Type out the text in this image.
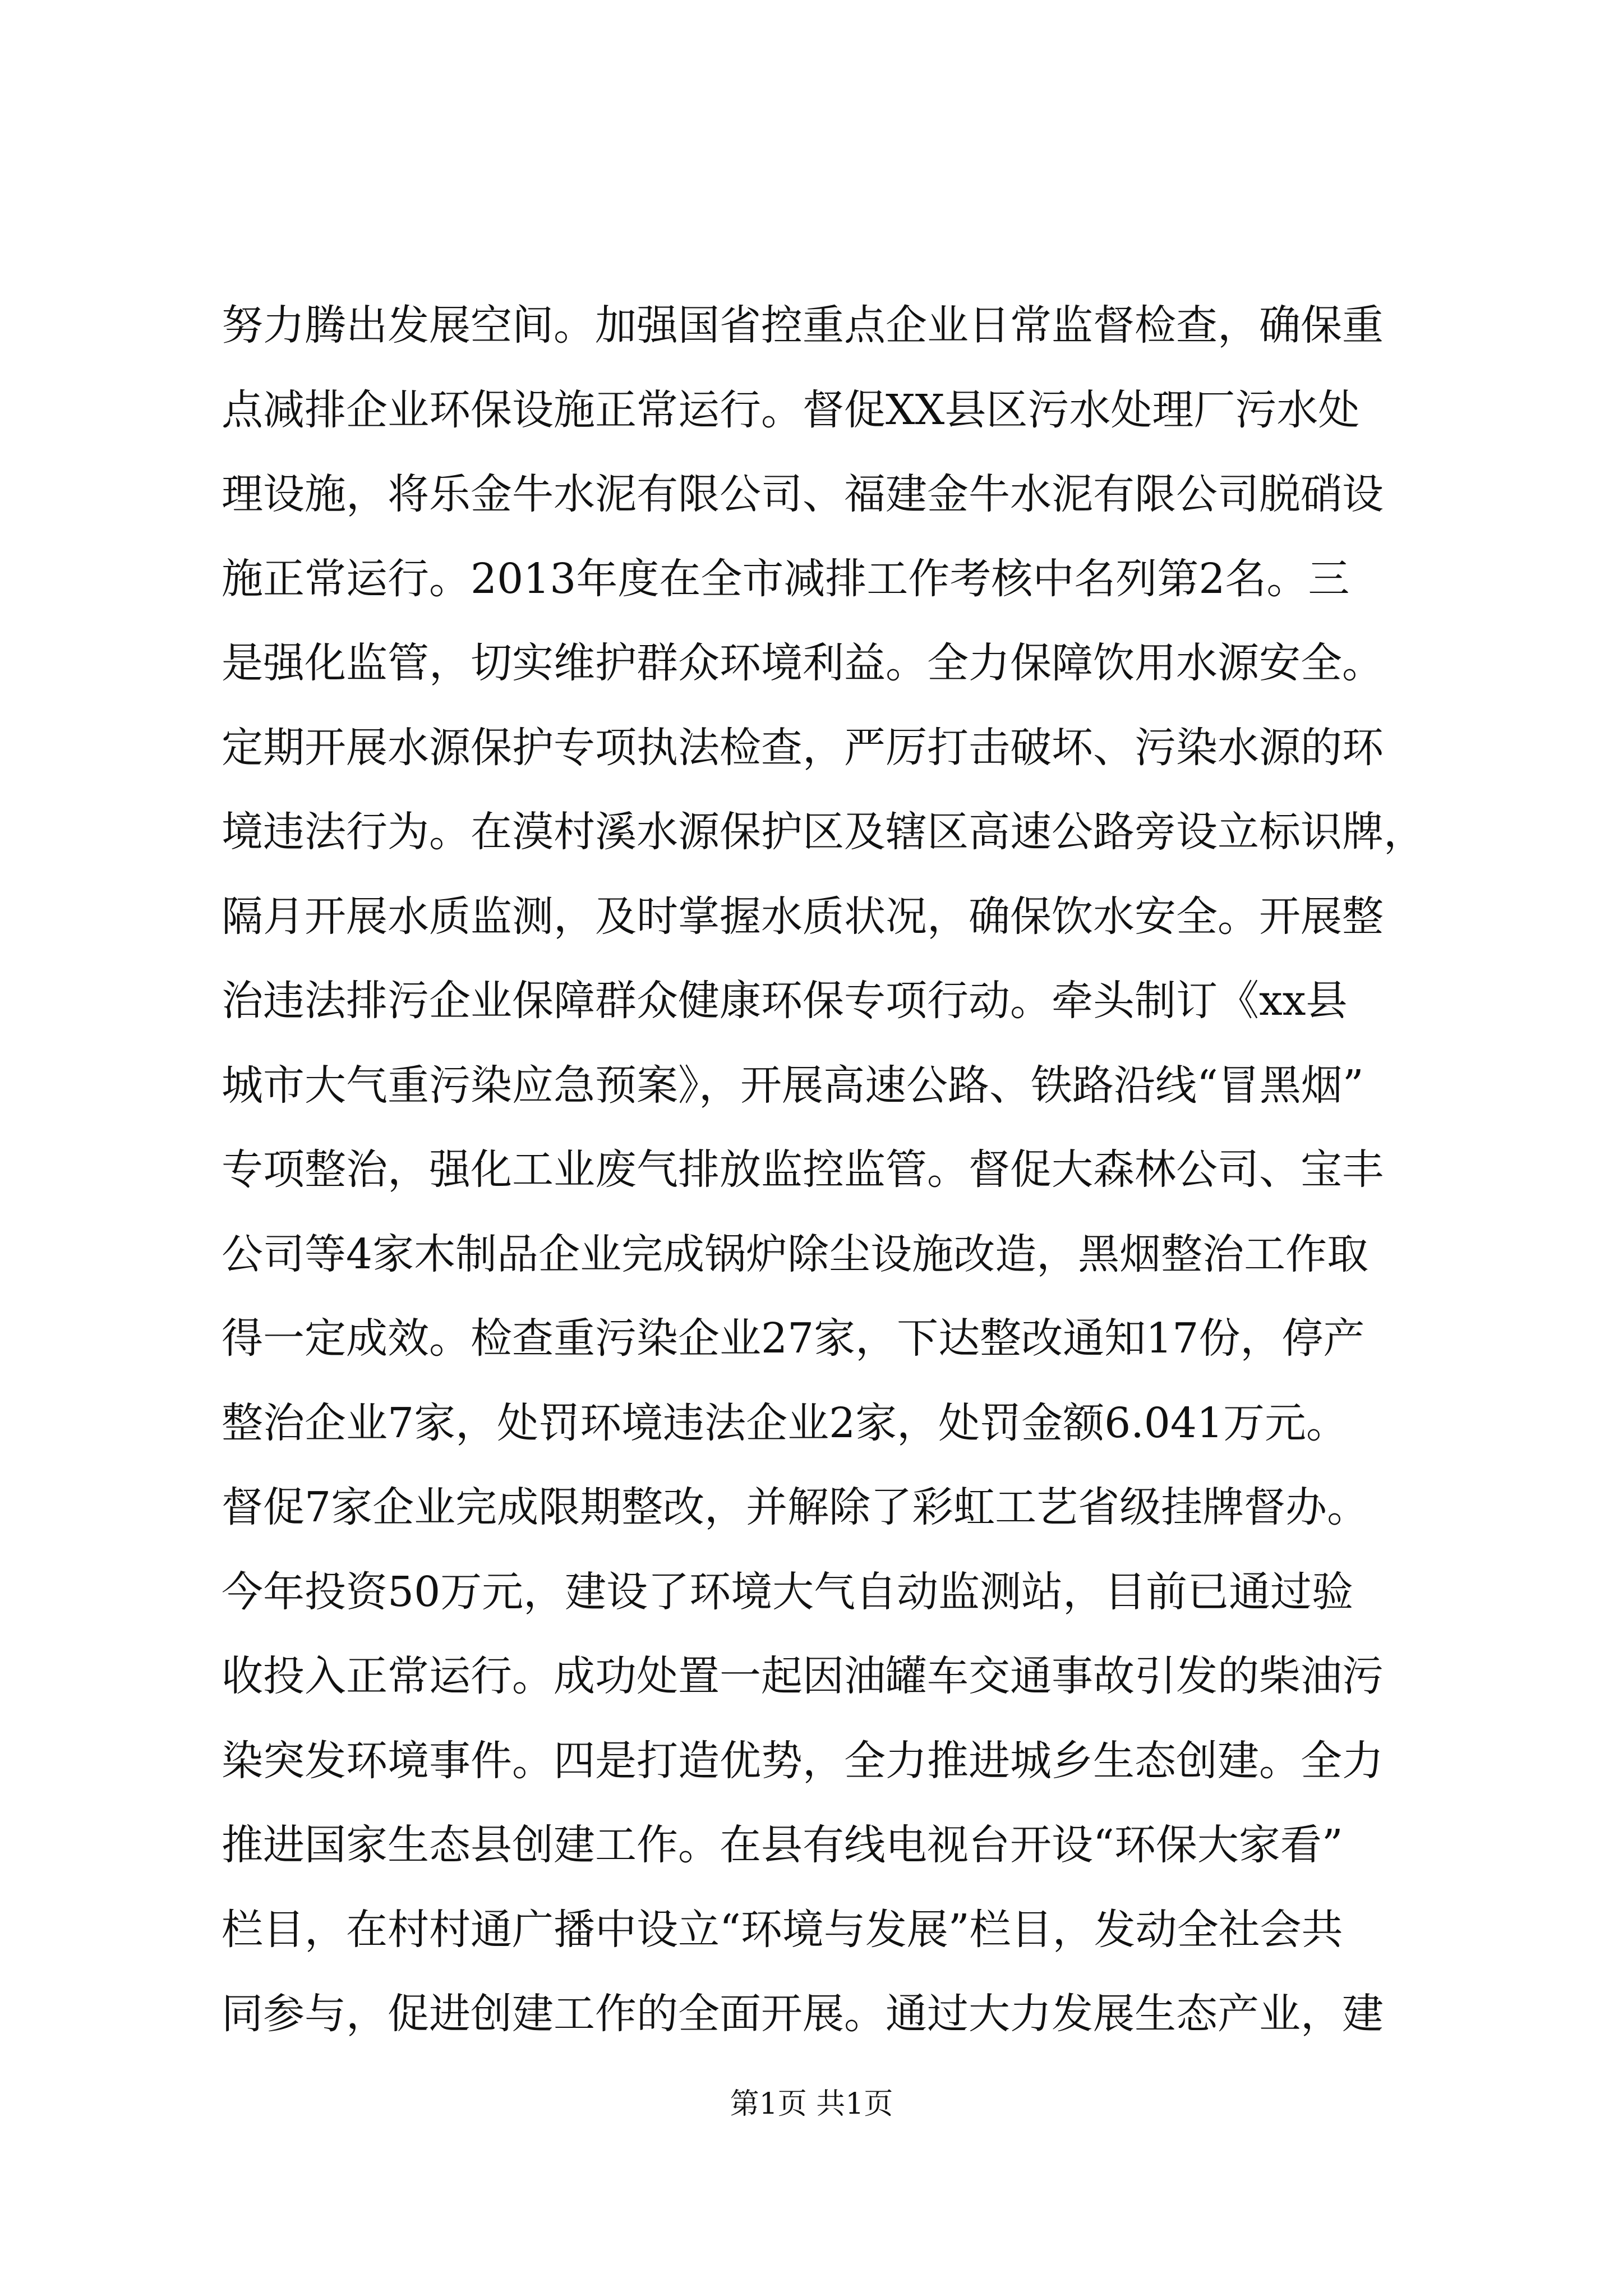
努力腾出发展空间。加强国省控重点企业日常监督检查，确保重
点减排企业环保设施正常运行。督促XX县区污水处理厂污水处
理设施，将乐金牛水泥有限公司、福建金牛水泥有限公司脱硝设
施正常运行。2013年度在全市减排工作考核中名列第2名。三
是强化监管，切实维护群众环境利益。全力保障饮用水源安全。
定期开展水源保护专项执法检查，严厉打击破坏、污染水源的环
境违法行为。在漠村溪水源保护区及辖区高速公路旁设立标识牌，
隔月开展水质监测，及时掌握水质状况，确保饮水安全。开展整
治违法排污企业保障群众健康环保专项行动。牵头制订《xx县
城市大气重污染应急预案》，开展高速公路、铁路沿线“冒黑烟”
专项整治，强化工业废气排放监控监管。督促大森林公司、宝丰
公司等4家木制品企业完成锅炉除尘设施改造，黑烟整治工作取
得一定成效。检查重污染企业27家，下达整改通知17份，停产
整治企业7家，处罚环境违法企业2家，处罚金额6.041万元。
督促7家企业完成限期整改，并解除了彩虹工艺省级挂牌督办。
今年投资50万元，建设了环境大气自动监测站，目前已通过验
收投入正常运行。成功处置一起因油罐车交通事故引发的柴油污
染突发环境事件。四是打造优势，全力推进城乡生态创建。全力
推进国家生态县创建工作。在县有线电视台开设“环保大家看”
栏目，在村村通广播中设立“环境与发展”栏目，发动全社会共
同参与，促进创建工作的全面开展。通过大力发展生态产业，建
第1页 共1页
